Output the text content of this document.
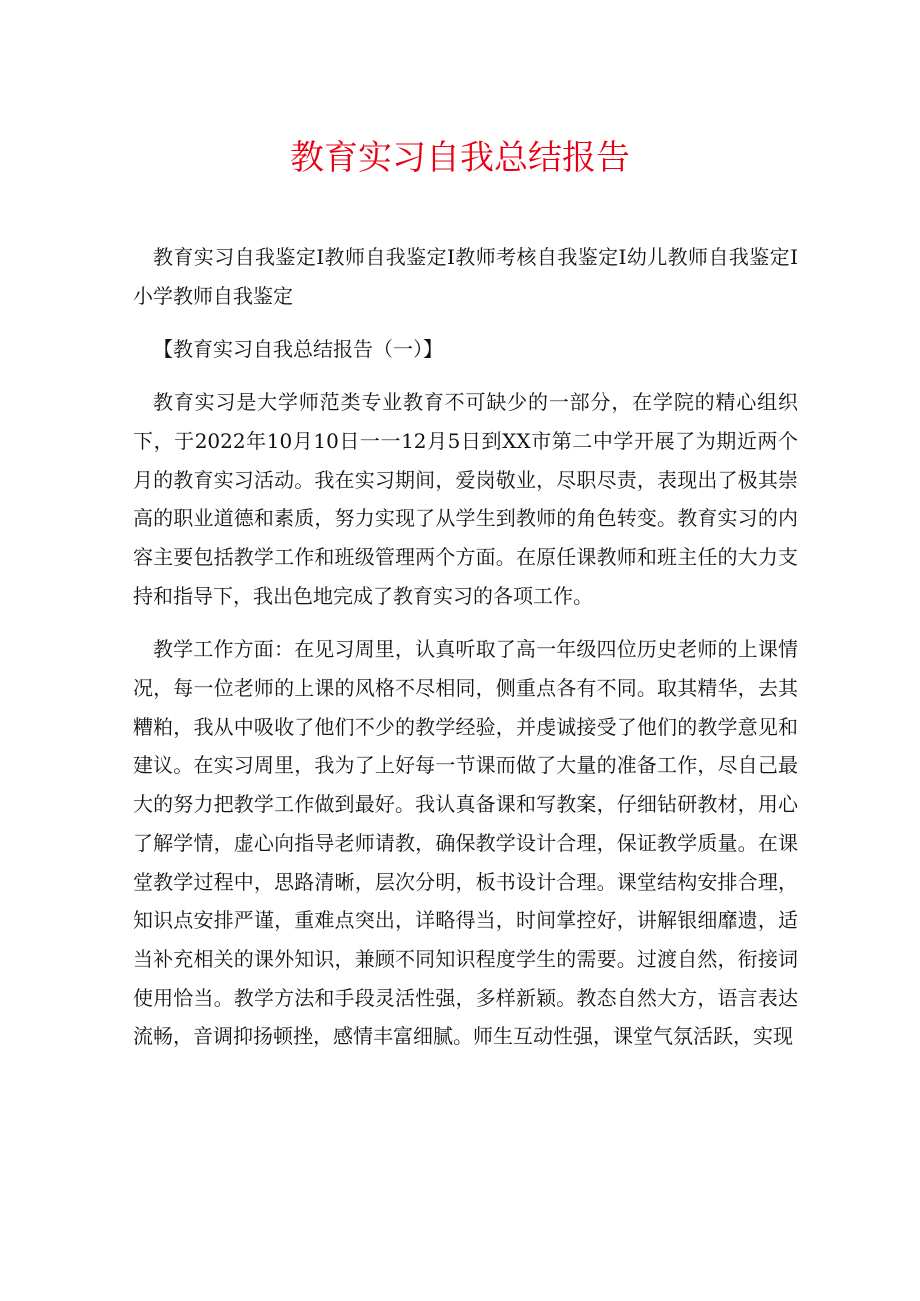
教育实习自我总结报告

教育实习自我鉴定Ⅰ教师自我鉴定Ⅰ教师考核自我鉴定Ⅰ幼儿教师自我鉴定Ⅰ小学教师自我鉴定

【教育实习自我总结报告（一）】

教育实习是大学师范类专业教育不可缺少的一部分，在学院的精心组织下，于2022年10月10日一一12月5日到XX市第二中学开展了为期近两个月的教育实习活动。我在实习期间，爱岗敬业，尽职尽责，表现出了极其崇高的职业道德和素质，努力实现了从学生到教师的角色转变。教育实习的内容主要包括教学工作和班级管理两个方面。在原任课教师和班主任的大力支持和指导下，我出色地完成了教育实习的各项工作。

教学工作方面：在见习周里，认真听取了高一年级四位历史老师的上课情况，每一位老师的上课的风格不尽相同，侧重点各有不同。取其精华，去其糟粕，我从中吸收了他们不少的教学经验，并虔诚接受了他们的教学意见和建议。在实习周里，我为了上好每一节课而做了大量的准备工作，尽自己最大的努力把教学工作做到最好。我认真备课和写教案，仔细钻研教材，用心了解学情，虚心向指导老师请教，确保教学设计合理，保证教学质量。在课堂教学过程中，思路清晰，层次分明，板书设计合理。课堂结构安排合理，知识点安排严谨，重难点突出，详略得当，时间掌控好，讲解银细靡遗，适当补充相关的课外知识，兼顾不同知识程度学生的需要。过渡自然，衔接词使用恰当。教学方法和手段灵活性强，多样新颖。教态自然大方，语言表达流畅，音调抑扬顿挫，感情丰富细腻。师生互动性强，课堂气氛活跃，实现
